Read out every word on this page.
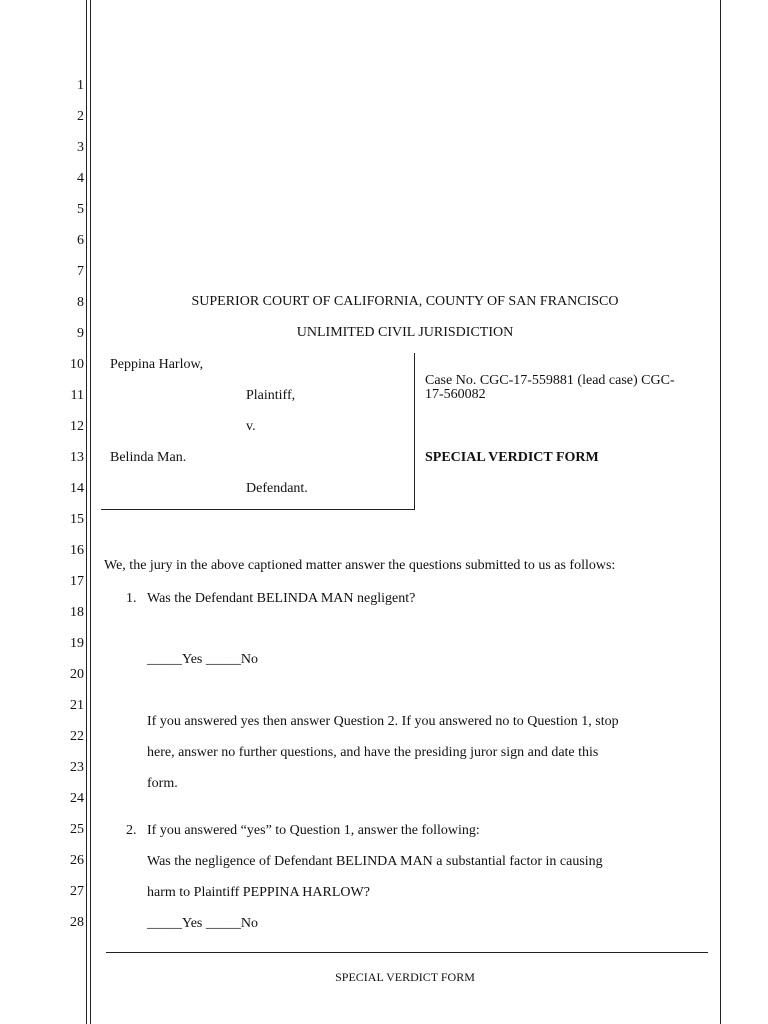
1
2
3
4
5
6
7
8
9
10
11
12
13
14
15
16
17
18
19
20
21
22
23
24
25
26
27
28
SUPERIOR COURT OF CALIFORNIA, COUNTY OF SAN FRANCISCO
UNLIMITED CIVIL JURISDICTION
Peppina Harlow,
Plaintiff,
v.
Belinda Man.
Defendant.
Case No. CGC-17-559881 (lead case) CGC-
17-560082
SPECIAL VERDICT FORM
We, the jury in the above captioned matter answer the questions submitted to us as follows:
1. Was the Defendant BELINDA MAN negligent?
_____Yes _____No
If you answered yes then answer Question 2. If you answered no to Question 1, stop
here, answer no further questions, and have the presiding juror sign and date this
form.
2. If you answered “yes” to Question 1, answer the following:
Was the negligence of Defendant BELINDA MAN a substantial factor in causing
harm to Plaintiff PEPPINA HARLOW?
_____Yes _____No
SPECIAL VERDICT FORM
